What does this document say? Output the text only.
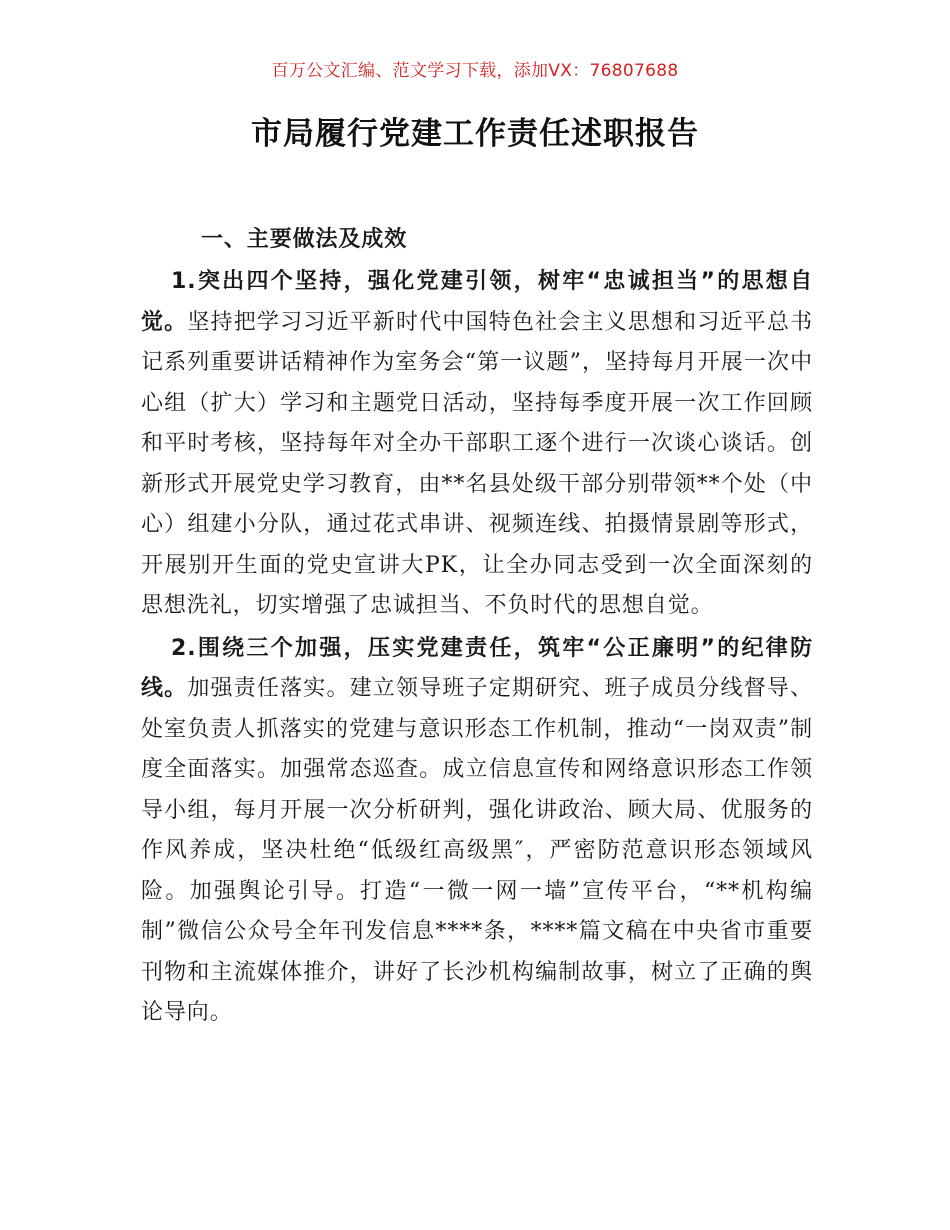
百万公文汇编、范文学习下载，添加VX：76807688
市局履行党建工作责任述职报告

一、主要做法及成效

1.突出四个坚持，强化党建引领，树牢“忠诚担当”的思想自觉。坚持把学习习近平新时代中国特色社会主义思想和习近平总书记系列重要讲话精神作为室务会“第一议题”，坚持每月开展一次中心组（扩大）学习和主题党日活动，坚持每季度开展一次工作回顾和平时考核，坚持每年对全办干部职工逐个进行一次谈心谈话。创新形式开展党史学习教育，由**名县处级干部分别带领**个处（中心）组建小分队，通过花式串讲、视频连线、拍摄情景剧等形式，开展别开生面的党史宣讲大PK，让全办同志受到一次全面深刻的思想洗礼，切实增强了忠诚担当、不负时代的思想自觉。

2.围绕三个加强，压实党建责任，筑牢“公正廉明”的纪律防线。加强责任落实。建立领导班子定期研究、班子成员分线督导、处室负责人抓落实的党建与意识形态工作机制，推动“一岗双责”制度全面落实。加强常态巡查。成立信息宣传和网络意识形态工作领导小组，每月开展一次分析研判，强化讲政治、顾大局、优服务的作风养成，坚决杜绝“低级红高级黑″，严密防范意识形态领域风险。加强舆论引导。打造“一微一网一墙”宣传平台，“**机构编制”微信公众号全年刊发信息****条，****篇文稿在中央省市重要刊物和主流媒体推介，讲好了长沙机构编制故事，树立了正确的舆论导向。
